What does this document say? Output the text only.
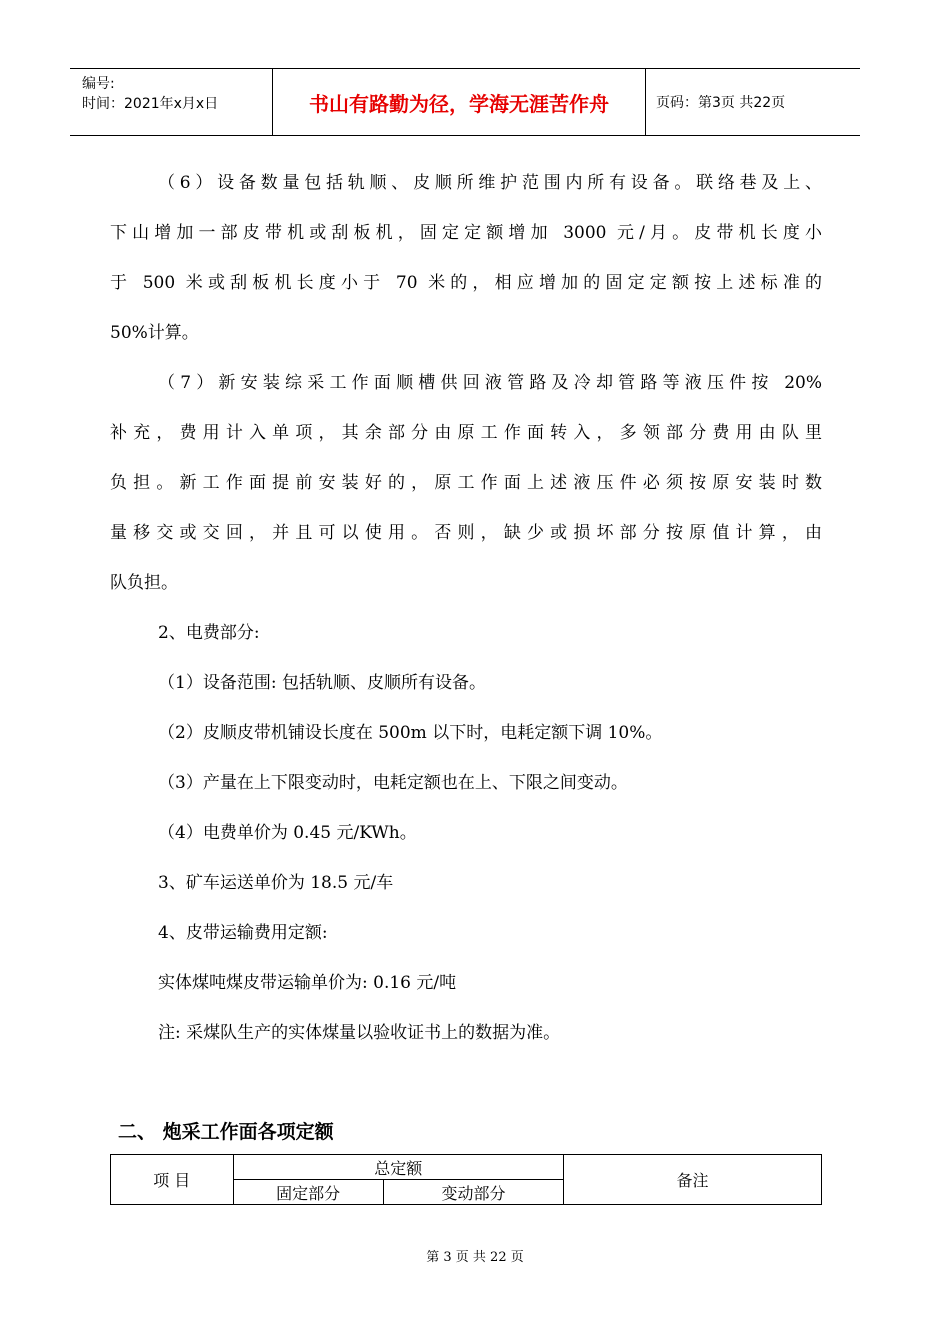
编号:
时间：2021年x月x日	书山有路勤为径，学海无涯苦作舟	页码：第3页 共22页
（6）设备数量包括轨顺、皮顺所维护范围内所有设备。联络巷及上、
下山增加一部皮带机或刮板机，固定定额增加 3000 元/月。皮带机长度小
于 500 米或刮板机长度小于 70 米的，相应增加的固定定额按上述标准的
50%计算。
（7）新安装综采工作面顺槽供回液管路及冷却管路等液压件按 20%
补充，费用计入单项，其余部分由原工作面转入，多领部分费用由队里
负担。新工作面提前安装好的，原工作面上述液压件必须按原安装时数
量移交或交回，并且可以使用。否则，缺少或损坏部分按原值计算，由
队负担。
2、电费部分:
（1）设备范围: 包括轨顺、皮顺所有设备。
（2）皮顺皮带机铺设长度在 500m 以下时，电耗定额下调 10%。
（3）产量在上下限变动时，电耗定额也在上、下限之间变动。
（4）电费单价为 0.45 元/KWh。
3、矿车运送单价为 18.5 元/车
4、皮带运输费用定额:
实体煤吨煤皮带运输单价为: 0.16 元/吨
注: 采煤队生产的实体煤量以验收证书上的数据为准。
二、 炮采工作面各项定额
项 目	总定额		备注
	固定部分	变动部分	
第 3 页 共 22 页
